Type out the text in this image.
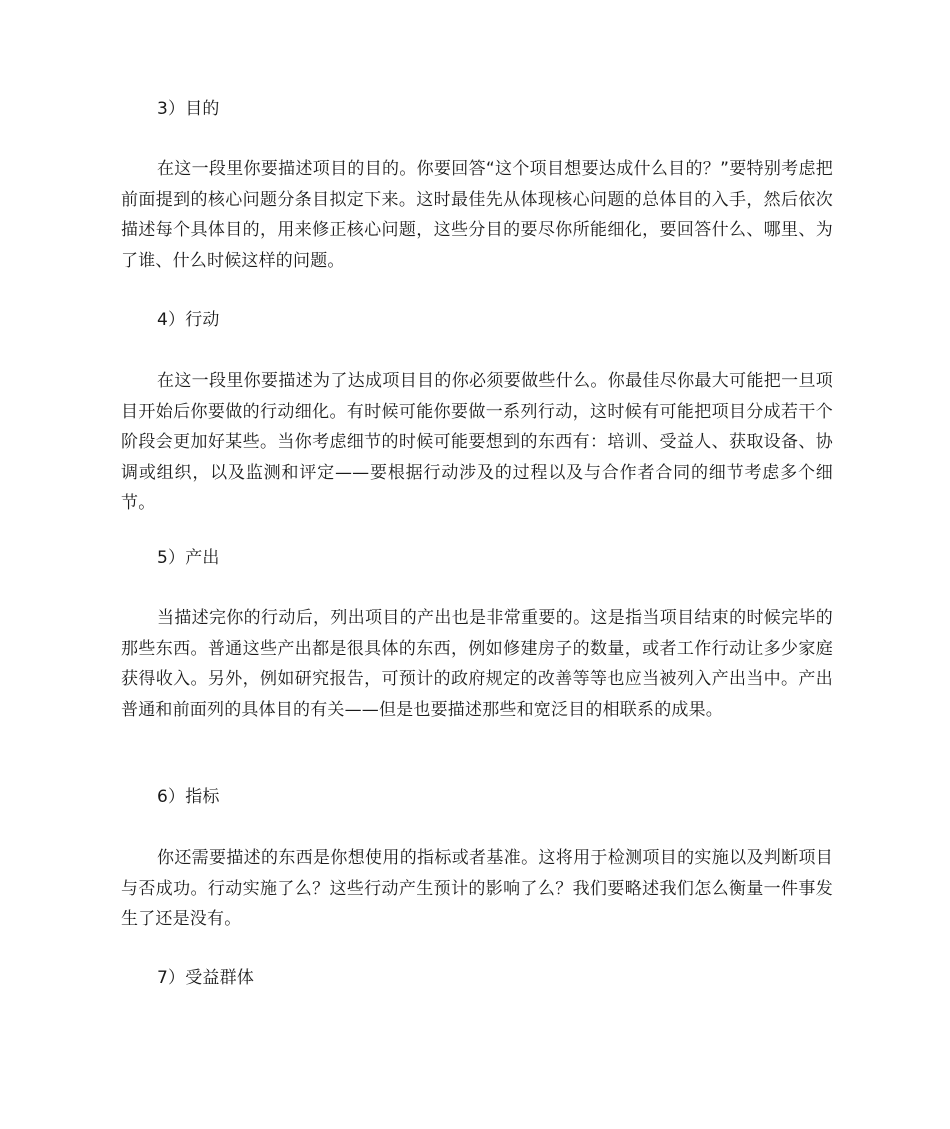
3）目的

在这一段里你要描述项目的目的。你要回答“这个项目想要达成什么目的？”要特别考虑把前面提到的核心问题分条目拟定下来。这时最佳先从体现核心问题的总体目的入手，然后依次描述每个具体目的，用来修正核心问题，这些分目的要尽你所能细化，要回答什么、哪里、为了谁、什么时候这样的问题。

4）行动

在这一段里你要描述为了达成项目目的你必须要做些什么。你最佳尽你最大可能把一旦项目开始后你要做的行动细化。有时候可能你要做一系列行动，这时候有可能把项目分成若干个阶段会更加好某些。当你考虑细节的时候可能要想到的东西有：培训、受益人、获取设备、协调或组织，以及监测和评定——要根据行动涉及的过程以及与合作者合同的细节考虑多个细节。

5）产出

当描述完你的行动后，列出项目的产出也是非常重要的。这是指当项目结束的时候完毕的那些东西。普通这些产出都是很具体的东西，例如修建房子的数量，或者工作行动让多少家庭获得收入。另外，例如研究报告，可预计的政府规定的改善等等也应当被列入产出当中。产出普通和前面列的具体目的有关——但是也要描述那些和宽泛目的相联系的成果。

6）指标

你还需要描述的东西是你想使用的指标或者基准。这将用于检测项目的实施以及判断项目与否成功。行动实施了么？这些行动产生预计的影响了么？我们要略述我们怎么衡量一件事发生了还是没有。

7）受益群体
